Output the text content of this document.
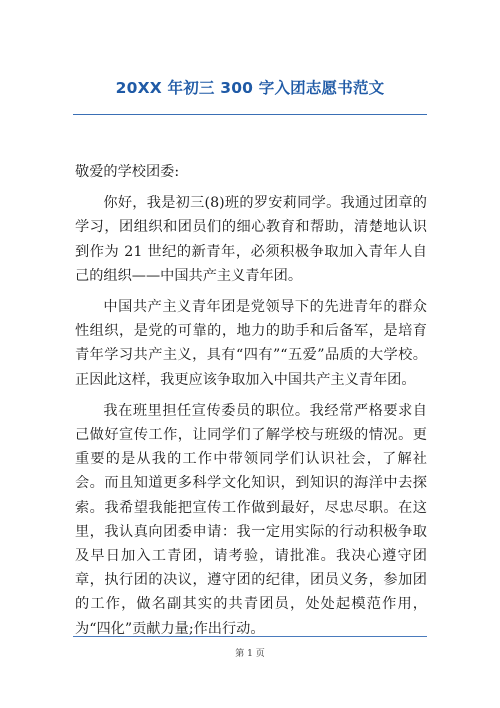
20XX 年初三 300 字入团志愿书范文

敬爱的学校团委:

你好，我是初三(8)班的罗安莉同学。我通过团章的学习，团组织和团员们的细心教育和帮助，清楚地认识到作为 21 世纪的新青年，必须积极争取加入青年人自己的组织——中国共产主义青年团。

中国共产主义青年团是党领导下的先进青年的群众性组织，是党的可靠的，地力的助手和后备军，是培育青年学习共产主义，具有“四有”“五爱”品质的大学校。正因此这样，我更应该争取加入中国共产主义青年团。

我在班里担任宣传委员的职位。我经常严格要求自己做好宣传工作，让同学们了解学校与班级的情况。更重要的是从我的工作中带领同学们认识社会，了解社会。而且知道更多科学文化知识，到知识的海洋中去探索。我希望我能把宣传工作做到最好，尽忠尽职。在这里，我认真向团委申请：我一定用实际的行动积极争取及早日加入工青团，请考验，请批准。我决心遵守团章，执行团的决议，遵守团的纪律，团员义务，参加团的工作，做名副其实的共青团员，处处起模范作用，为“四化”贡献力量;作出行动。

第 1 页
